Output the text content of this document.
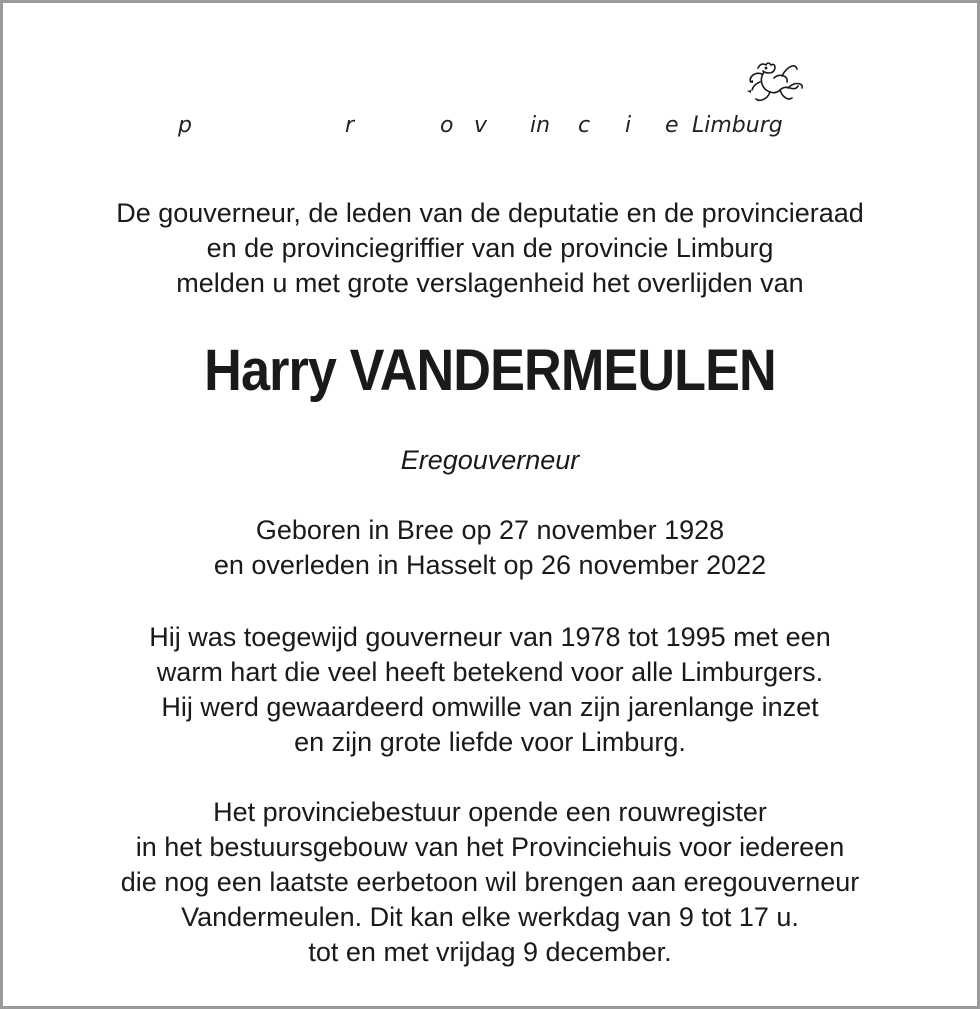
p	r	o v in c i e Limburg
De gouverneur, de leden van de deputatie en de provincieraad
en de provinciegriffier van de provincie Limburg
melden u met grote verslagenheid het overlijden van
Harry VANDERMEULEN
Eregouverneur
Geboren in Bree op 27 november 1928
en overleden in Hasselt op 26 november 2022
Hij was toegewijd gouverneur van 1978 tot 1995 met een
warm hart die veel heeft betekend voor alle Limburgers.
Hij werd gewaardeerd omwille van zijn jarenlange inzet
en zijn grote liefde voor Limburg.
Het provinciebestuur opende een rouwregister
in het bestuursgebouw van het Provinciehuis voor iedereen
die nog een laatste eerbetoon wil brengen aan eregouverneur
Vandermeulen. Dit kan elke werkdag van 9 tot 17 u.
tot en met vrijdag 9 december.
